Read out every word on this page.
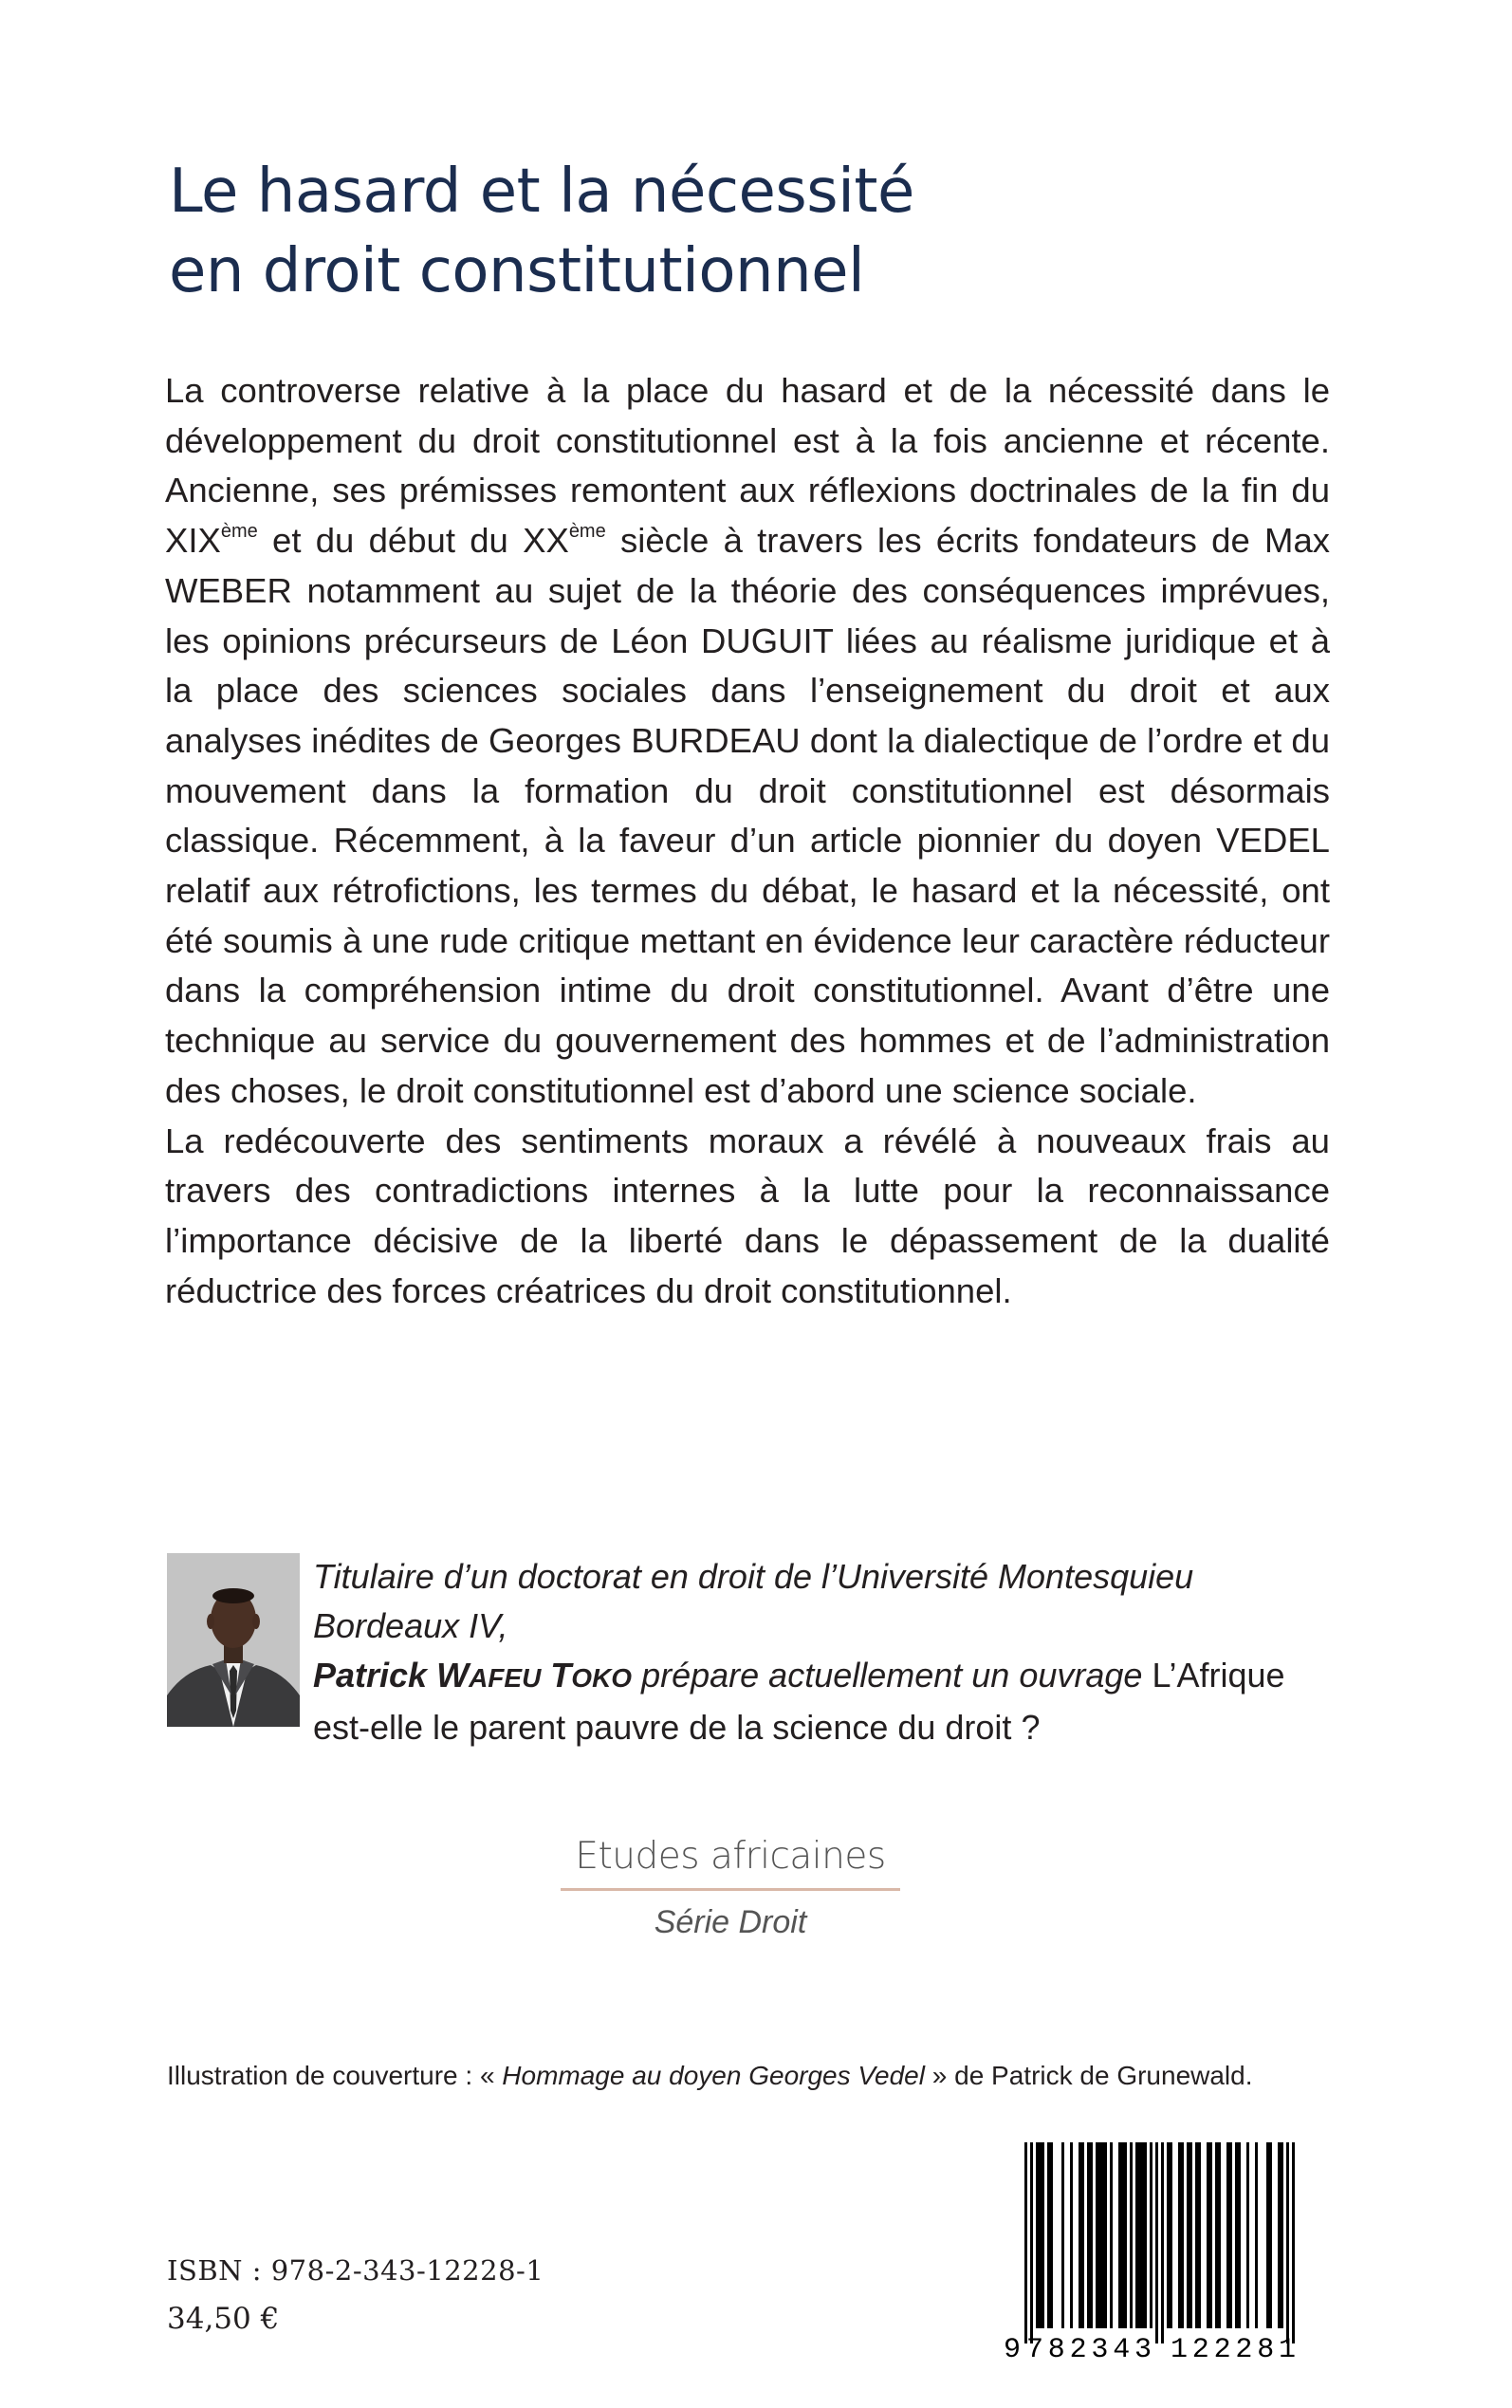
Le hasard et la nécessité
en droit constitutionnel

La controverse relative à la place du hasard et de la nécessité dans le développement du droit constitutionnel est à la fois ancienne et récente. Ancienne, ses prémisses remontent aux réflexions doctrinales de la fin du XIXème et du début du XXème siècle à travers les écrits fondateurs de Max WEBER notamment au sujet de la théorie des conséquences imprévues, les opinions précurseurs de Léon DUGUIT liées au réalisme juridique et à la place des sciences sociales dans l’enseignement du droit et aux analyses inédites de Georges BURDEAU dont la dialectique de l’ordre et du mouvement dans la formation du droit constitutionnel est désormais classique. Récemment, à la faveur d’un article pionnier du doyen VEDEL relatif aux rétrofictions, les termes du débat, le hasard et la nécessité, ont été soumis à une rude critique mettant en évidence leur caractère réducteur dans la compréhension intime du droit constitutionnel. Avant d’être une technique au service du gouvernement des hommes et de l’administration des choses, le droit constitutionnel est d’abord une science sociale.

La redécouverte des sentiments moraux a révélé à nouveaux frais au travers des contradictions internes à la lutte pour la reconnaissance l’importance décisive de la liberté dans le dépassement de la dualité réductrice des forces créatrices du droit constitutionnel.

Titulaire d’un doctorat en droit de l’Université Montesquieu Bordeaux IV,
Patrick WAFEU TOKO prépare actuellement un ouvrage L’Afrique est-elle le parent pauvre de la science du droit ?

Etudes africaines
Série Droit
Illustration de couverture : « Hommage au doyen Georges Vedel » de Patrick de Grunewald.
ISBN : 978-2-343-12228-1
34,50 €
9 782343 122281
